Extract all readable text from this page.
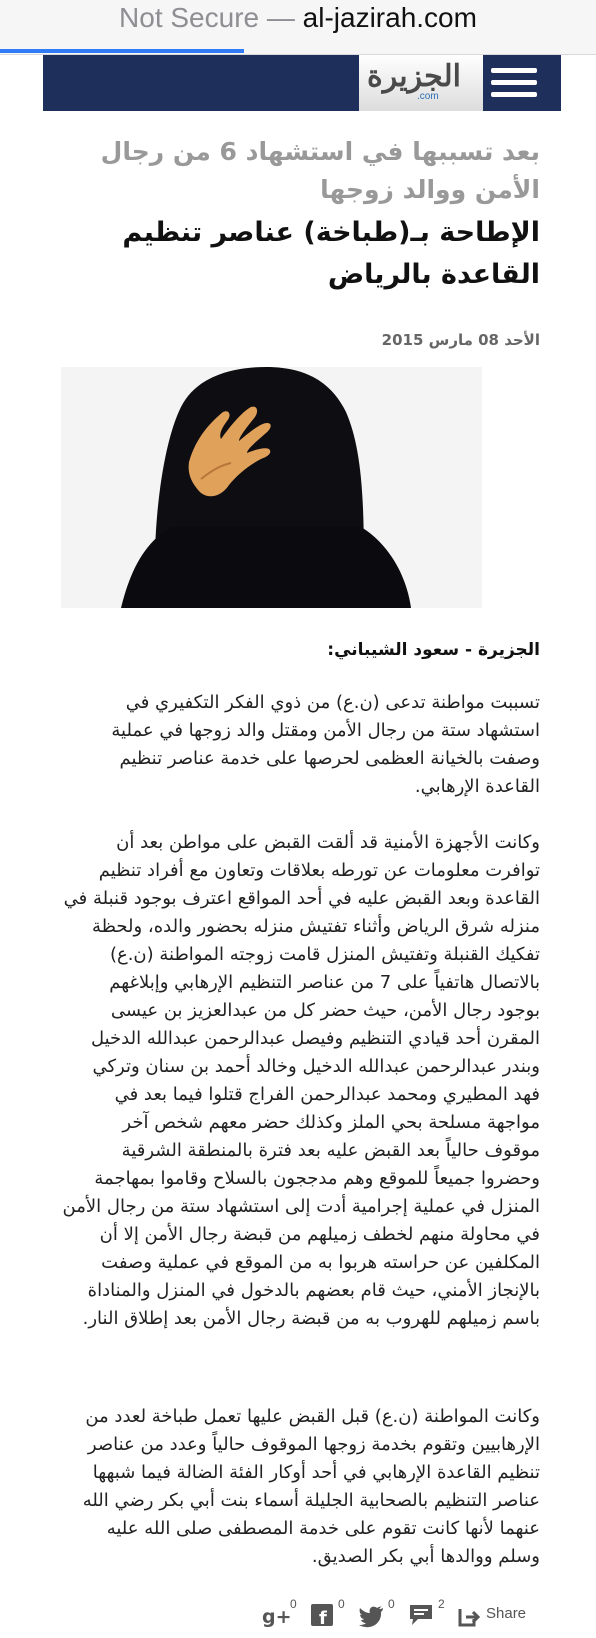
Not Secure — al-jazirah.com
الجزيرة
.com
بعد تسببها في استشهاد 6 من رجال الأمن ووالد زوجها
الإطاحة بـ(طباخة) عناصر تنظيم القاعدة بالرياض
الأحد 08 مارس 2015
الجزيرة - سعود الشيباني:

تسببت مواطنة تدعى (ن.ع) من ذوي الفكر التكفيري في استشهاد ستة من رجال الأمن ومقتل والد زوجها في عملية وصفت بالخيانة العظمى لحرصها على خدمة عناصر تنظيم القاعدة الإرهابي.

وكانت الأجهزة الأمنية قد ألقت القبض على مواطن بعد أن توافرت معلومات عن تورطه بعلاقات وتعاون مع أفراد تنظيم القاعدة وبعد القبض عليه في أحد المواقع اعترف بوجود قنبلة في منزله شرق الرياض وأثناء تفتيش منزله بحضور والده، ولحظة تفكيك القنبلة وتفتيش المنزل قامت زوجته المواطنة (ن.ع) بالاتصال هاتفياً على 7 من عناصر التنظيم الإرهابي وإبلاغهم بوجود رجال الأمن، حيث حضر كل من عبدالعزيز بن عيسى المقرن أحد قيادي التنظيم وفيصل عبدالرحمن عبدالله الدخيل وبندر عبدالرحمن عبدالله الدخيل وخالد أحمد بن سنان وتركي فهد المطيري ومحمد عبدالرحمن الفراج قتلوا فيما بعد في مواجهة مسلحة بحي الملز وكذلك حضر معهم شخص آخر موقوف حالياً بعد القبض عليه بعد فترة بالمنطقة الشرقية وحضروا جميعاً للموقع وهم مدججون بالسلاح وقاموا بمهاجمة المنزل في عملية إجرامية أدت إلى استشهاد ستة من رجال الأمن في محاولة منهم لخطف زميلهم من قبضة رجال الأمن إلا أن المكلفين عن حراسته هربوا به من الموقع في عملية وصفت بالإنجاز الأمني، حيث قام بعضهم بالدخول في المنزل والمناداة باسم زميلهم للهروب به من قبضة رجال الأمن بعد إطلاق النار.

وكانت المواطنة (ن.ع) قبل القبض عليها تعمل طباخة لعدد من الإرهابيين وتقوم بخدمة زوجها الموقوف حالياً وعدد من عناصر تنظيم القاعدة الإرهابي في أحد أوكار الفئة الضالة فيما شبهها عناصر التنظيم بالصحابية الجليلة أسماء بنت أبي بكر رضي الله عنهما لأنها كانت تقوم على خدمة المصطفى صلى الله عليه وسلم ووالدها أبي بكر الصديق.

g+
0
f
0	0	2
Share
